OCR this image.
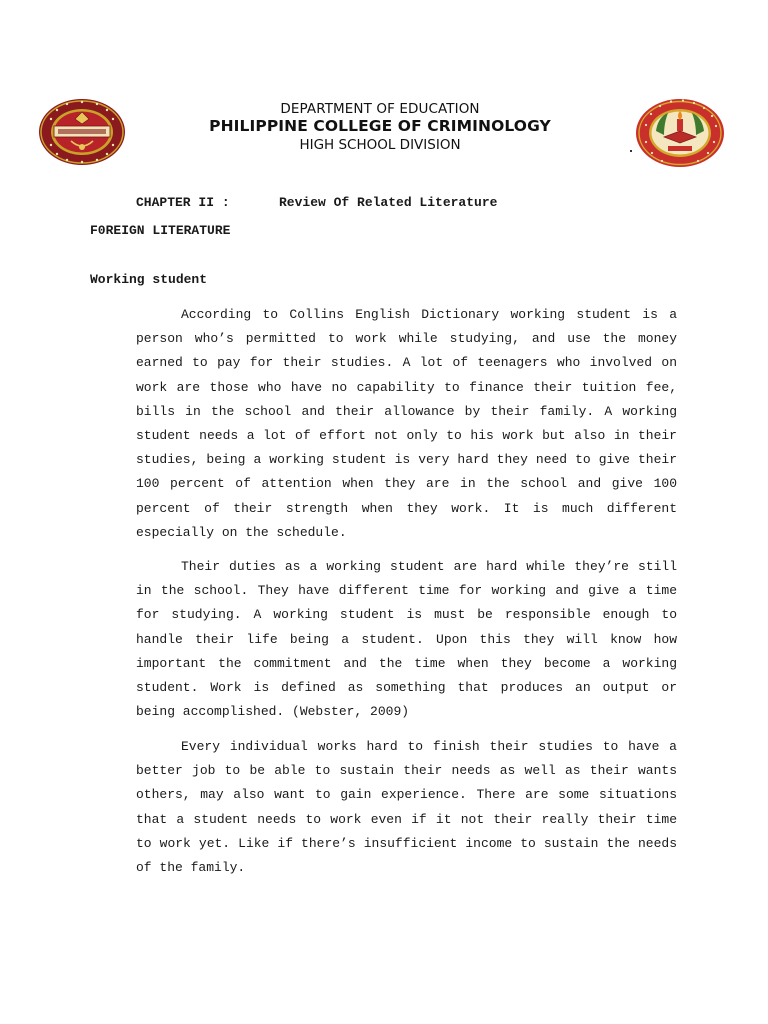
DEPARTMENT OF EDUCATION
PHILIPPINE COLLEGE OF CRIMINOLOGY
HIGH SCHOOL DIVISION
CHAPTER II :	Review Of Related Literature
F0REIGN LITERATURE
Working student

According to Collins English Dictionary working student is a person who’s permitted to work while studying, and use the money earned to pay for their studies. A lot of teenagers who involved on work are those who have no capability to finance their tuition fee, bills in the school and their allowance by their family. A working student needs a lot of effort not only to his work but also in their studies, being a working student is very hard they need to give their 100 percent of attention when they are in the school and give 100 percent of their strength when they work. It is much different especially on the schedule.

Their duties as a working student are hard while they’re still in the school. They have different time for working and give a time for studying. A working student is must be responsible enough to handle their life being a student. Upon this they will know how important the commitment and the time when they become a working student. Work is defined as something that produces an output or being accomplished. (Webster, 2009)

Every individual works hard to finish their studies to have a better job to be able to sustain their needs as well as their wants others, may also want to gain experience. There are some situations that a student needs to work even if it not their really their time to work yet. Like if there’s insufficient income to sustain the needs of the family.
